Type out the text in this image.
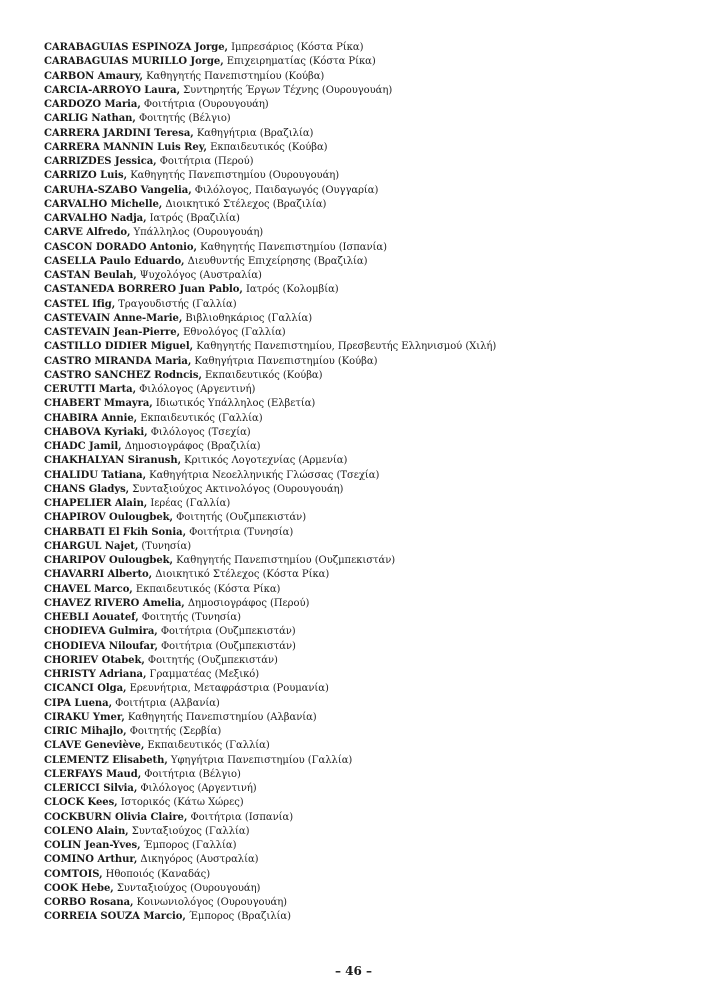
CARABAGUIAS ESPINOZA Jorge, Ιμπρεσάριος (Κόστα Ρίκα)
CARABAGUIAS MURILLO Jorge, Επιχειρηματίας (Κόστα Ρίκα)
CARBON Amaury, Καθηγητής Πανεπιστημίου (Κούβα)
CARCIA-ARROYO Laura, Συντηρητής Έργων Τέχνης (Ουρουγουάη)
CARDOZO Maria, Φοιτήτρια (Ουρουγουάη)
CARLIG Nathan, Φοιτητής (Βέλγιο)
CARRERA JARDINI Teresa, Καθηγήτρια (Βραζιλία)
CARRERA MANNIN Luis Rey, Εκπαιδευτικός (Κούβα)
CARRIZDES Jessica, Φοιτήτρια (Περού)
CARRIZO Luis, Καθηγητής Πανεπιστημίου (Ουρουγουάη)
CARUHA-SZABO Vangelia, Φιλόλογος, Παιδαγωγός (Ουγγαρία)
CARVALHO Michelle, Διοικητικό Στέλεχος (Βραζιλία)
CARVALHO Nadja, Ιατρός (Βραζιλία)
CARVE Alfredo, Υπάλληλος (Ουρουγουάη)
CASCON DORADO Antonio, Καθηγητής Πανεπιστημίου (Ισπανία)
CASELLA Paulo Eduardo, Διευθυντής Επιχείρησης (Βραζιλία)
CASTAN Beulah, Ψυχολόγος (Αυστραλία)
CASTANEDA BORRERO Juan Pablo, Ιατρός (Κολομβία)
CASTEL Ifig, Τραγουδιστής (Γαλλία)
CASTEVAIN Anne-Marie, Βιβλιοθηκάριος (Γαλλία)
CASTEVAIN Jean-Pierre, Εθνολόγος (Γαλλία)
CASTILLO DIDIER Miguel, Καθηγητής Πανεπιστημίου, Πρεσβευτής Ελληνισμού (Χιλή)
CASTRO MIRANDA Maria, Καθηγήτρια Πανεπιστημίου (Κούβα)
CASTRO SANCHEZ Rodncis, Εκπαιδευτικός (Κούβα)
CERUTTI Marta, Φιλόλογος (Αργεντινή)
CHABERT Mmayra, Ιδιωτικός Υπάλληλος (Ελβετία)
CHABIRA Annie, Εκπαιδευτικός (Γαλλία)
CHABOVA Kyriaki, Φιλόλογος (Τσεχία)
CHADC Jamil, Δημοσιογράφος (Βραζιλία)
CHAKHALYAN Siranush, Κριτικός Λογοτεχνίας (Αρμενία)
CHALIDU Tatiana, Καθηγήτρια Νεοελληνικής Γλώσσας (Τσεχία)
CHANS Gladys, Συνταξιούχος Ακτινολόγος (Ουρουγουάη)
CHAPELIER Alain, Ιερέας (Γαλλία)
CHAPIROV Oulougbek, Φοιτητής (Ουζμπεκιστάν)
CHARBATI El Fkih Sonia, Φοιτήτρια (Τυνησία)
CHARGUL Najet, (Τυνησία)
CHARIPOV Oulougbek, Καθηγητής Πανεπιστημίου (Ουζμπεκιστάν)
CHAVARRI Alberto, Διοικητικό Στέλεχος (Κόστα Ρίκα)
CHAVEL Marco, Εκπαιδευτικός (Κόστα Ρίκα)
CHAVEZ RIVERO Amelia, Δημοσιογράφος (Περού)
CHEBLI Aouatef, Φοιτητής (Τυνησία)
CHODIEVA Gulmira, Φοιτήτρια (Ουζμπεκιστάν)
CHODIEVA Niloufar, Φοιτήτρια (Ουζμπεκιστάν)
CHORIEV Otabek, Φοιτητής (Ουζμπεκιστάν)
CHRISTY Adriana, Γραμματέας (Μεξικό)
CICANCI Olga, Ερευνήτρια, Μεταφράστρια (Ρουμανία)
CIPA Luena, Φοιτήτρια (Αλβανία)
CIRAKU Ymer, Καθηγητής Πανεπιστημίου (Αλβανία)
CIRIC Mihajlo, Φοιτητής (Σερβία)
CLAVE Geneviève, Εκπαιδευτικός (Γαλλία)
CLEMENTZ Elisabeth, Υφηγήτρια Πανεπιστημίου (Γαλλία)
CLERFAYS Maud, Φοιτήτρια (Βέλγιο)
CLERICCI Silvia, Φιλόλογος (Αργεντινή)
CLOCK Kees, Ιστορικός (Κάτω Χώρες)
COCKBURN Olivia Claire, Φοιτήτρια (Ισπανία)
COLENO Alain, Συνταξιούχος (Γαλλία)
COLIN Jean-Yves, Έμπορος (Γαλλία)
COMINO Arthur, Δικηγόρος (Αυστραλία)
COMTOIS, Ηθοποιός (Καναδάς)
COOK Hebe, Συνταξιούχος (Ουρουγουάη)
CORBO Rosana, Κοινωνιολόγος (Ουρουγουάη)
CORREIA SOUZA Marcio, Έμπορος (Βραζιλία)
– 46 –
